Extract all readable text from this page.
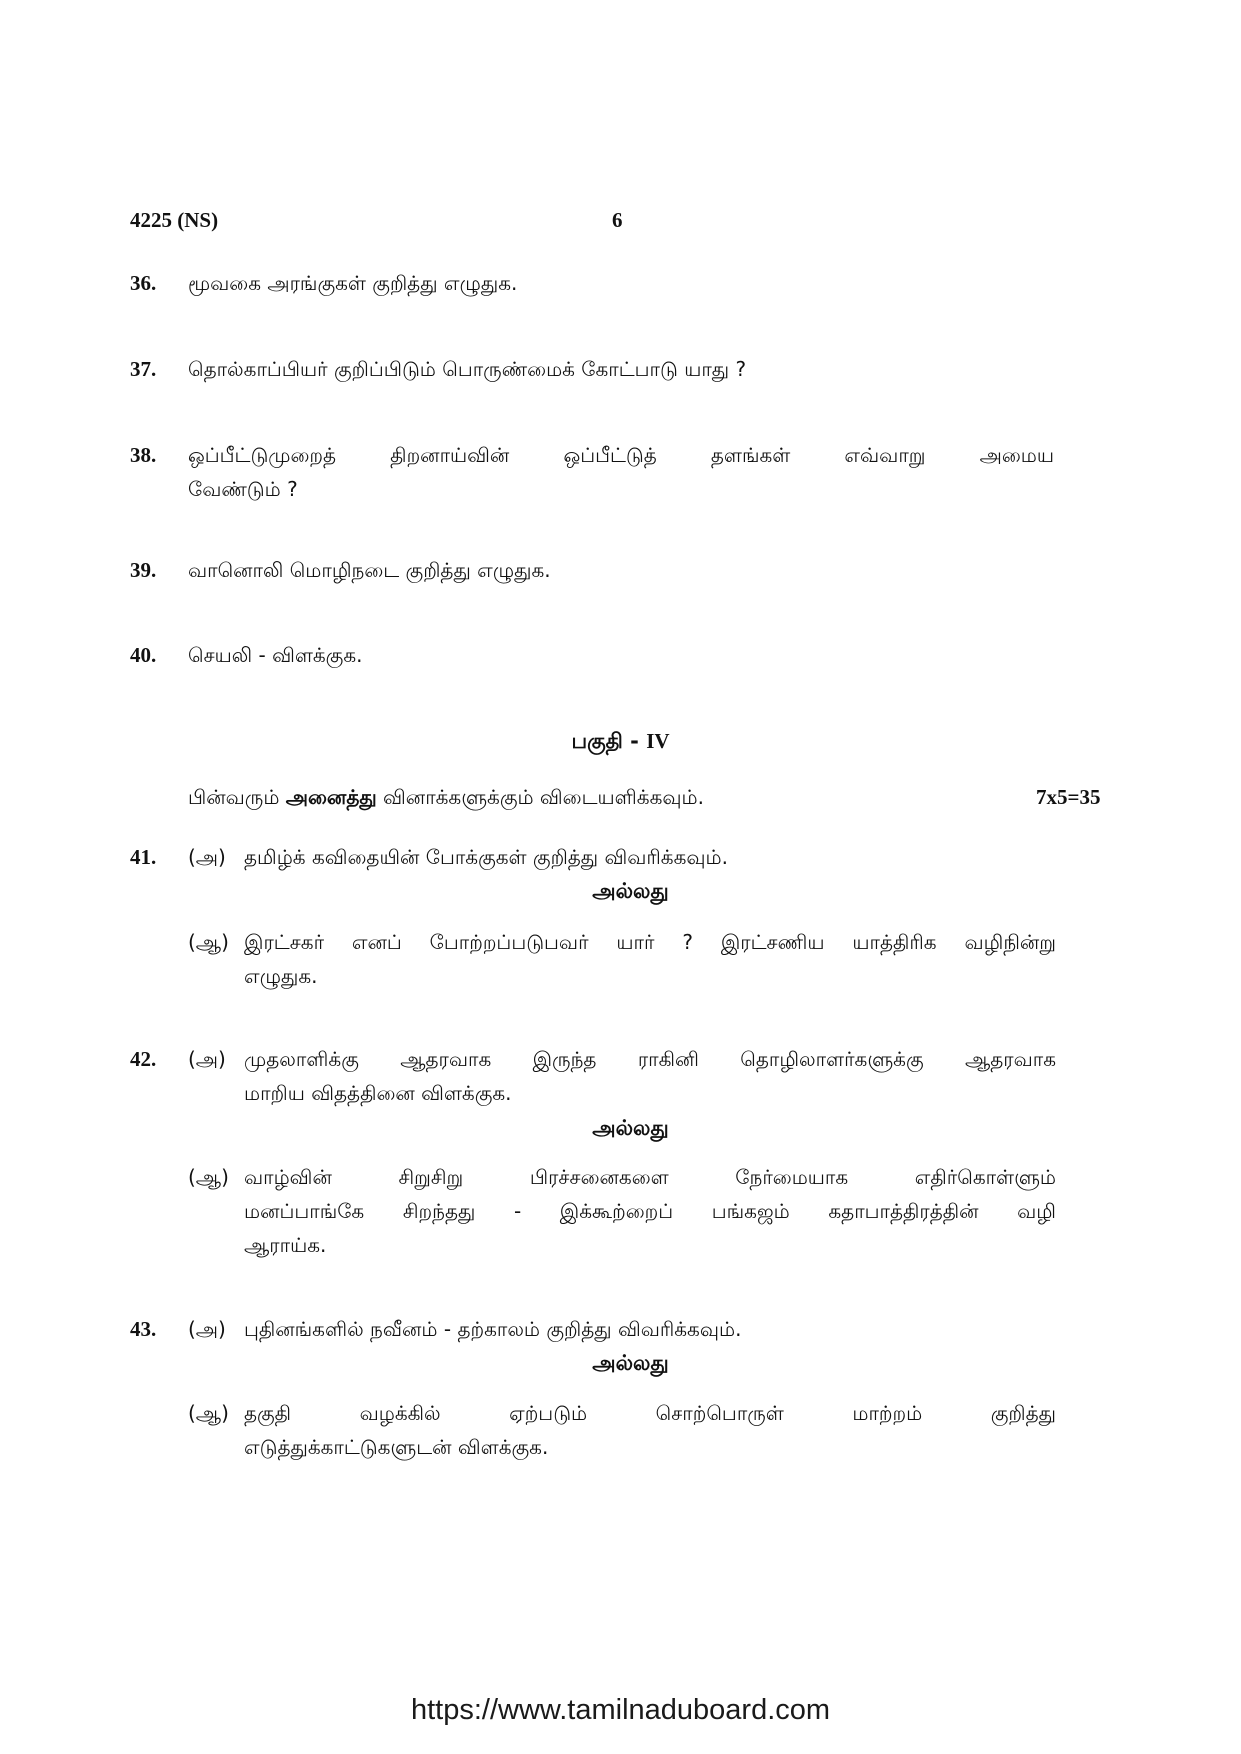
4225 (NS)	6
36. மூவகை அரங்குகள் குறித்து எழுதுக.
37. தொல்காப்பியர் குறிப்பிடும் பொருண்மைக் கோட்பாடு யாது ?
38. ஒப்பீட்டுமுறைத் திறனாய்வின் ஒப்பீட்டுத் தளங்கள் எவ்வாறு அமைய
வேண்டும் ?
39. வானொலி மொழிநடை குறித்து எழுதுக.
40. செயலி - விளக்குக.
பகுதி - IV
பின்வரும் அனைத்து வினாக்களுக்கும் விடையளிக்கவும்.	7x5=35
41. (அ) தமிழ்க் கவிதையின் போக்குகள் குறித்து விவரிக்கவும்.
அல்லது
(ஆ) இரட்சகர் எனப் போற்றப்படுபவர் யார் ? இரட்சணிய யாத்திரிக வழிநின்று
எழுதுக.
42. (அ) முதலாளிக்கு ஆதரவாக இருந்த ராகினி தொழிலாளர்களுக்கு ஆதரவாக
மாறிய விதத்தினை விளக்குக.
அல்லது
(ஆ) வாழ்வின் சிறுசிறு பிரச்சனைகளை நேர்மையாக எதிர்கொள்ளும்
மனப்பாங்கே சிறந்தது - இக்கூற்றைப் பங்கஜம் கதாபாத்திரத்தின் வழி
ஆராய்க.
43. (அ) புதினங்களில் நவீனம் - தற்காலம் குறித்து விவரிக்கவும்.
அல்லது
(ஆ) தகுதி வழக்கில் ஏற்படும் சொற்பொருள் மாற்றம் குறித்து
எடுத்துக்காட்டுகளுடன் விளக்குக.
https://www.tamilnaduboard.com
